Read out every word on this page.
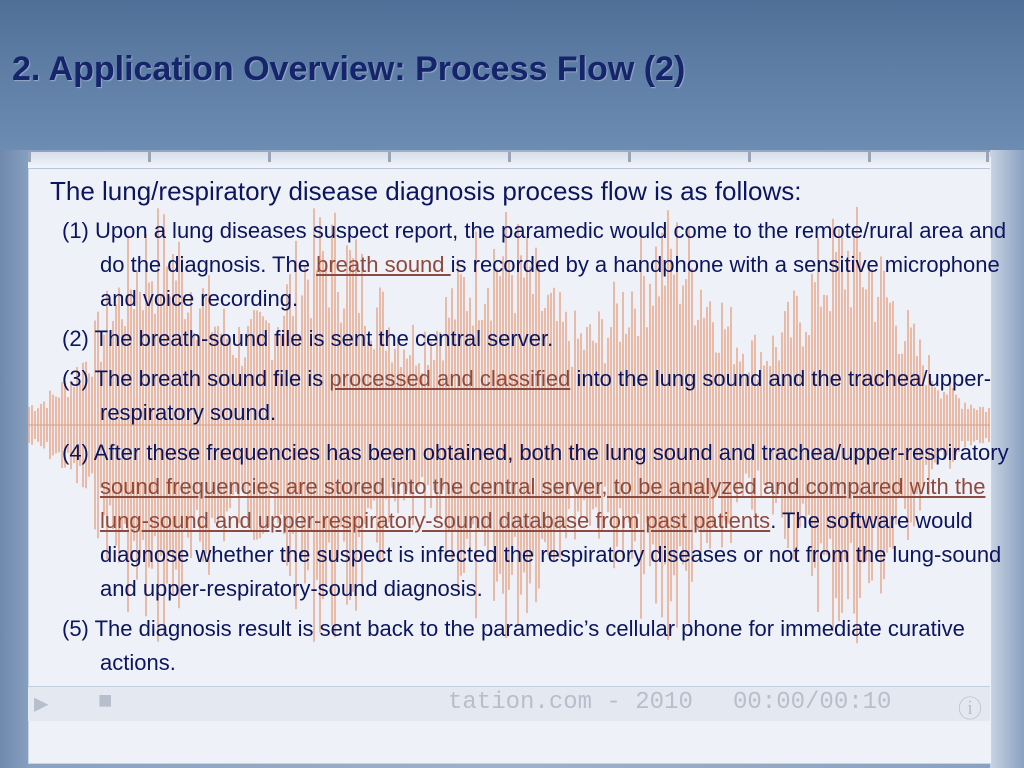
2. Application Overview: Process Flow (2)
▶ ■	tation.com - 2010 00:00/00:10	ⓘ

The lung/respiratory disease diagnosis process flow is as follows:

(1) Upon a lung diseases suspect report, the paramedic would come to the remote/rural area and do the diagnosis. The breath sound is recorded by a handphone with a sensitive microphone and voice recording.
(2) The breath-sound file is sent the central server.
(3) The breath sound file is processed and classified into the lung sound and the trachea/upper-respiratory sound.
(4) After these frequencies has been obtained, both the lung sound and trachea/upper-respiratory sound frequencies are stored into the central server, to be analyzed and compared with the lung-sound and upper-respiratory-sound database from past patients. The software would diagnose whether the suspect is infected the respiratory diseases or not from the lung-sound and upper-respiratory-sound diagnosis.
(5) The diagnosis result is sent back to the paramedic’s cellular phone for immediate curative actions.
